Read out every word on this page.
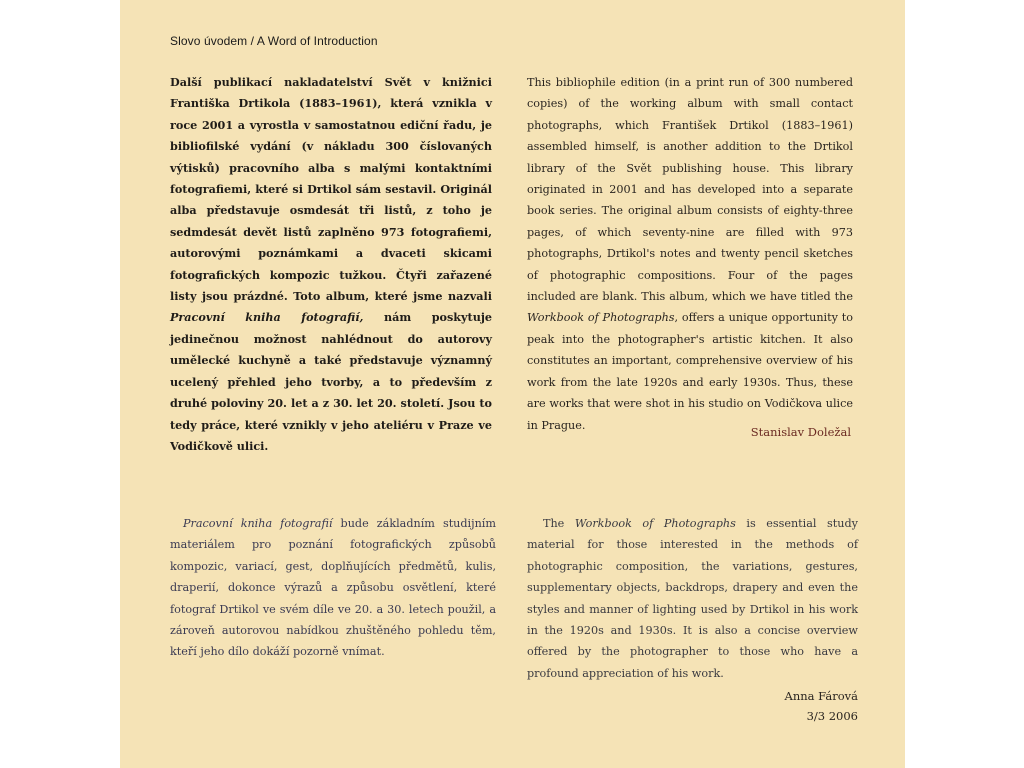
Slovo úvodem / A Word of Introduction

Další publikací nakladatelství Svět v knižnici Františka Drtikola (1883–1961), která vznikla v roce 2001 a vyrostla v samostatnou ediční řadu, je bibliofilské vydání (v nákladu 300 číslovaných výtisků) pracovního alba s malými kontaktními fotografiemi, které si Drtikol sám sestavil. Originál alba představuje osmdesát tři listů, z toho je sedmdesát devět listů zaplněno 973 fotografiemi, autorovými poznámkami a dvaceti skicami fotografických kompozic tužkou. Čtyři zařazené listy jsou prázdné. Toto album, které jsme nazvali Pracovní kniha fotografií, nám poskytuje jedinečnou možnost nahlédnout do autorovy umělecké kuchyně a také představuje významný ucelený přehled jeho tvorby, a to především z druhé poloviny 20. let a z 30. let 20. století. Jsou to tedy práce, které vznikly v jeho ateliéru v Praze ve Vodičkově ulici.

This bibliophile edition (in a print run of 300 numbered copies) of the working album with small contact photographs, which František Drtikol (1883–1961) assembled himself, is another addition to the Drtikol library of the Svět publishing house. This library originated in 2001 and has developed into a separate book series. The original album consists of eighty-three pages, of which seventy-nine are filled with 973 photographs, Drtikol's notes and twenty pencil sketches of photographic compositions. Four of the pages included are blank. This album, which we have titled the Workbook of Photographs, offers a unique opportunity to peak into the photographer's artistic kitchen. It also constitutes an important, comprehensive overview of his work from the late 1920s and early 1930s. Thus, these are works that were shot in his studio on Vodičkova ulice in Prague.	Stanislav Doležal

Pracovní kniha fotografií bude základním studijním materiálem pro poznání fotografických způsobů kompozic, variací, gest, doplňujících předmětů, kulis, draperií, dokonce výrazů a způsobu osvětlení, které fotograf Drtikol ve svém díle ve 20. a 30. letech použil, a zároveň autorovou nabídkou zhuštěného pohledu těm, kteří jeho dílo dokáží pozorně vnímat.

The Workbook of Photographs is essential study material for those interested in the methods of photographic composition, the variations, gestures, supplementary objects, backdrops, drapery and even the styles and manner of lighting used by Drtikol in his work in the 1920s and 1930s. It is also a concise overview offered by the photographer to those who have a profound appreciation of his work.

Anna Fárová
3/3 2006
